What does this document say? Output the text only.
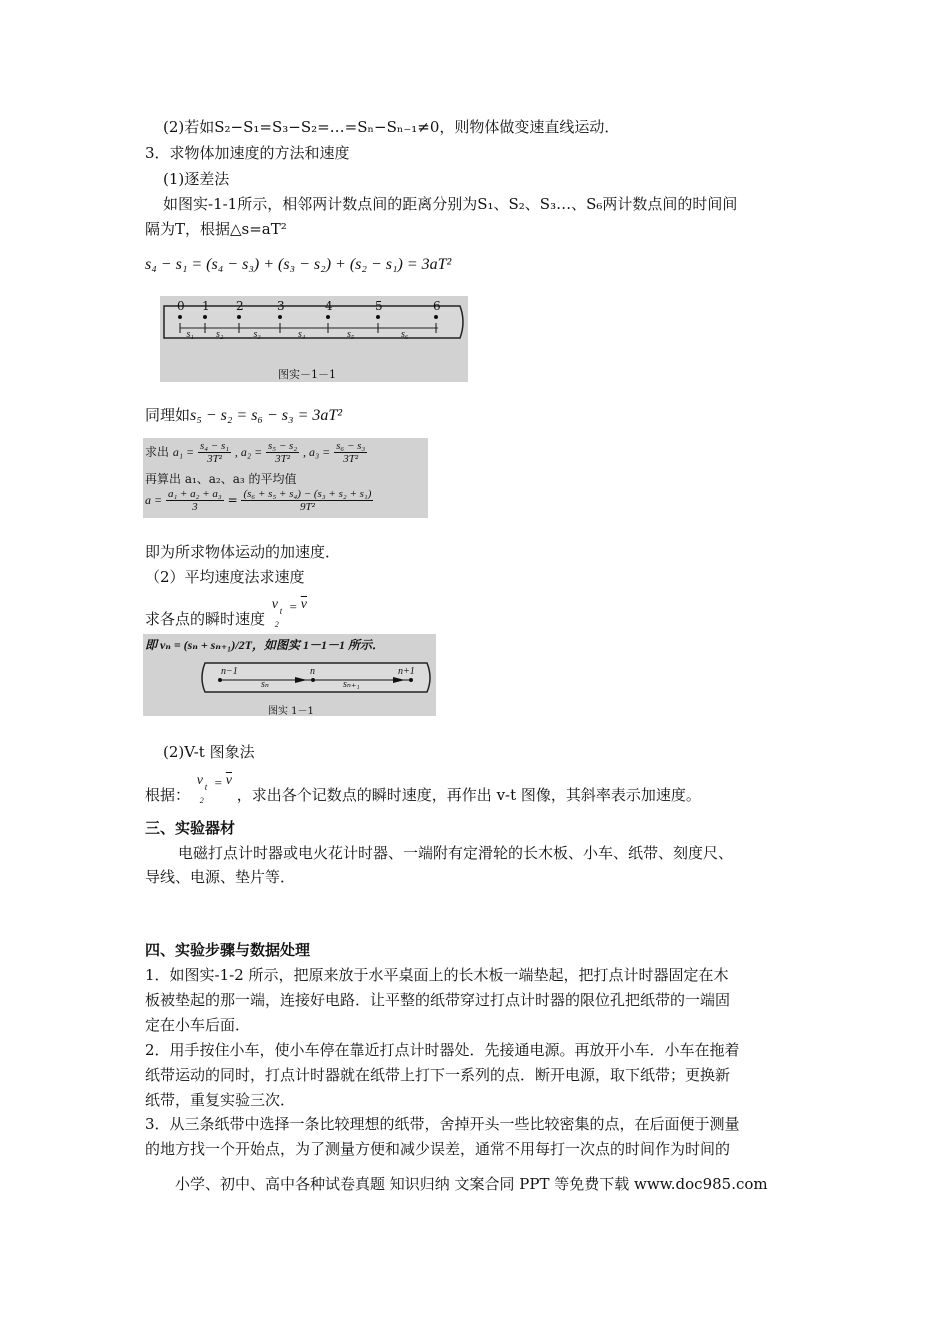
(2)若如S₂−S₁=S₃−S₂=…=Sₙ−Sₙ₋₁≠0，则物体做变速直线运动．
3．求物体加速度的方法和速度
(1)逐差法
如图实-1-1所示，相邻两计数点间的距离分别为S₁、S₂、S₃…、S₆两计数点间的时间间
隔为T，根据△s=aT²
s₄ − s₁ = (s₄ − s₃) + (s₃ − s₂) + (s₂ − s₁) = 3aT²
0 1 2	3	4	5	6
s₁ s₂	s₃	s₄	s₅	s₆
图实－1－1
同理如s₅ − s₂ = s₆ − s₃ = 3aT²
求出 $a_1 = \frac{\text{s₄ − s₁}}{\text{3T²}}$ , $a_2 = \frac{\text{s₅ − s₂}}{\text{3T²}}$ , $a_3 = \frac{\text{s₆ − s₃}}{\text{3T²}}$
再算出 a₁、a₂、a₃ 的平均值
$a = \frac{\text{a₁ + a₂ + a₃}}{3} = \frac{\text{(s₆ + s₅ + s₄) − (s₃ + s₂ + s₁)}}{\text{9T²}}$
即为所求物体运动的加速度．
（2）平均速度法求速度
求各点的瞬时速度
v t
2
= $\overline{v}$
即 vₙ = (sₙ + sₙ₊₁)/2T，如图实 1－1－1 所示．
n−1	n	n+1
sₙ	sₙ₊₁
图实 1－1
(2)V-t 图象法
根据：
v t
2
= $\overline{v}$
，求出各个记数点的瞬时速度，再作出 v-t 图像，其斜率表示加速度。
三、实验器材
电磁打点计时器或电火花计时器、一端附有定滑轮的长木板、小车、纸带、刻度尺、
导线、电源、垫片等．
四、实验步骤与数据处理
1．如图实-1-2 所示，把原来放于水平桌面上的长木板一端垫起，把打点计时器固定在木
板被垫起的那一端，连接好电路．让平整的纸带穿过打点计时器的限位孔把纸带的一端固
定在小车后面．
2．用手按住小车，使小车停在靠近打点计时器处．先接通电源。再放开小车．小车在拖着
纸带运动的同时，打点计时器就在纸带上打下一系列的点．断开电源，取下纸带；更换新
纸带，重复实验三次．
3．从三条纸带中选择一条比较理想的纸带，舍掉开头一些比较密集的点，在后面便于测量
的地方找一个开始点，为了测量方便和减少误差，通常不用每打一次点的时间作为时间的
小学、初中、高中各种试卷真题 知识归纳 文案合同 PPT 等免费下载 www.doc985.com
